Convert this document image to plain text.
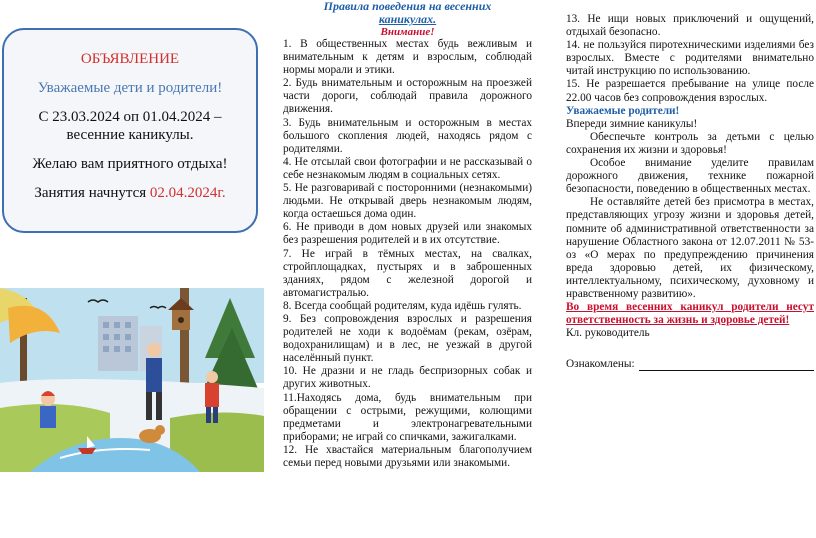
ОБЪЯВЛЕНИЕ
Уважаемые дети и родители!
С 23.03.2024 оп 01.04.2024 – весенние каникулы.
Желаю вам приятного отдыха!
Занятия начнутся 02.04.2024г.
Правила поведения на весенних
каникулах.
Внимание!

1. В общественных местах будь вежливым и внимательным к детям и взрослым, соблюдай нормы морали и этики.

2. Будь внимательным и осторожным на проезжей части дороги, соблюдай правила дорожного движения.

3. Будь внимательным и осторожным в местах большого скопления людей, находясь рядом с родителями.

4. Не отсылай свои фотографии и не рассказывай о себе незнакомым людям в социальных сетях.

5. Не разговаривай с посторонними (незнакомыми) людьми. Не открывай дверь незнакомым людям, когда остаешься дома один.

6. Не приводи в дом новых друзей или знакомых без разрешения родителей и в их отсутствие.

7. Не играй в тёмных местах, на свалках, стройплощадках, пустырях и в заброшенных зданиях, рядом с железной дорогой и автомагистралью.

8. Всегда сообщай родителям, куда идёшь гулять.

9. Без сопровождения взрослых и разрешения родителей не ходи к водоёмам (рекам, озёрам, водохранилищам) и в лес, не уезжай в другой населённый пункт.

10. Не дразни и не гладь беспризорных собак и других животных.

11.Находясь дома, будь внимательным при обращении с острыми, режущими, колющими предметами и электронагревательными приборами; не играй со спичками, зажигалками.

12. Не хвастайся материальным благополучием семьи перед новыми друзьями или знакомыми.

13. Не ищи новых приключений и ощущений, отдыхай безопасно.

14. не пользуйся пиротехническими изделиями без взрослых. Вместе с родителями внимательно читай инструкцию по использованию.

15. Не разрешается пребывание на улице после 22.00 часов без сопровождения взрослых.

Уважаемые родители!

Впереди зимние каникулы!

Обеспечьте контроль за детьми с целью сохранения их жизни и здоровья!

Особое внимание уделите правилам дорожного движения, технике пожарной безопасности, поведению в общественных местах.

Не оставляйте детей без присмотра в местах, представляющих угрозу жизни и здоровья детей, помните об административной ответственности за нарушение Областного закона от 12.07.2011 № 53-оз «О мерах по предупреждению причинения вреда здоровью детей, их физическому, интеллектуальному, психическому, духовному и нравственному развитию».

Во время весенних каникул родители несут ответственность за жизнь и здоровье детей!

Кл. руководитель

Ознакомлены:
